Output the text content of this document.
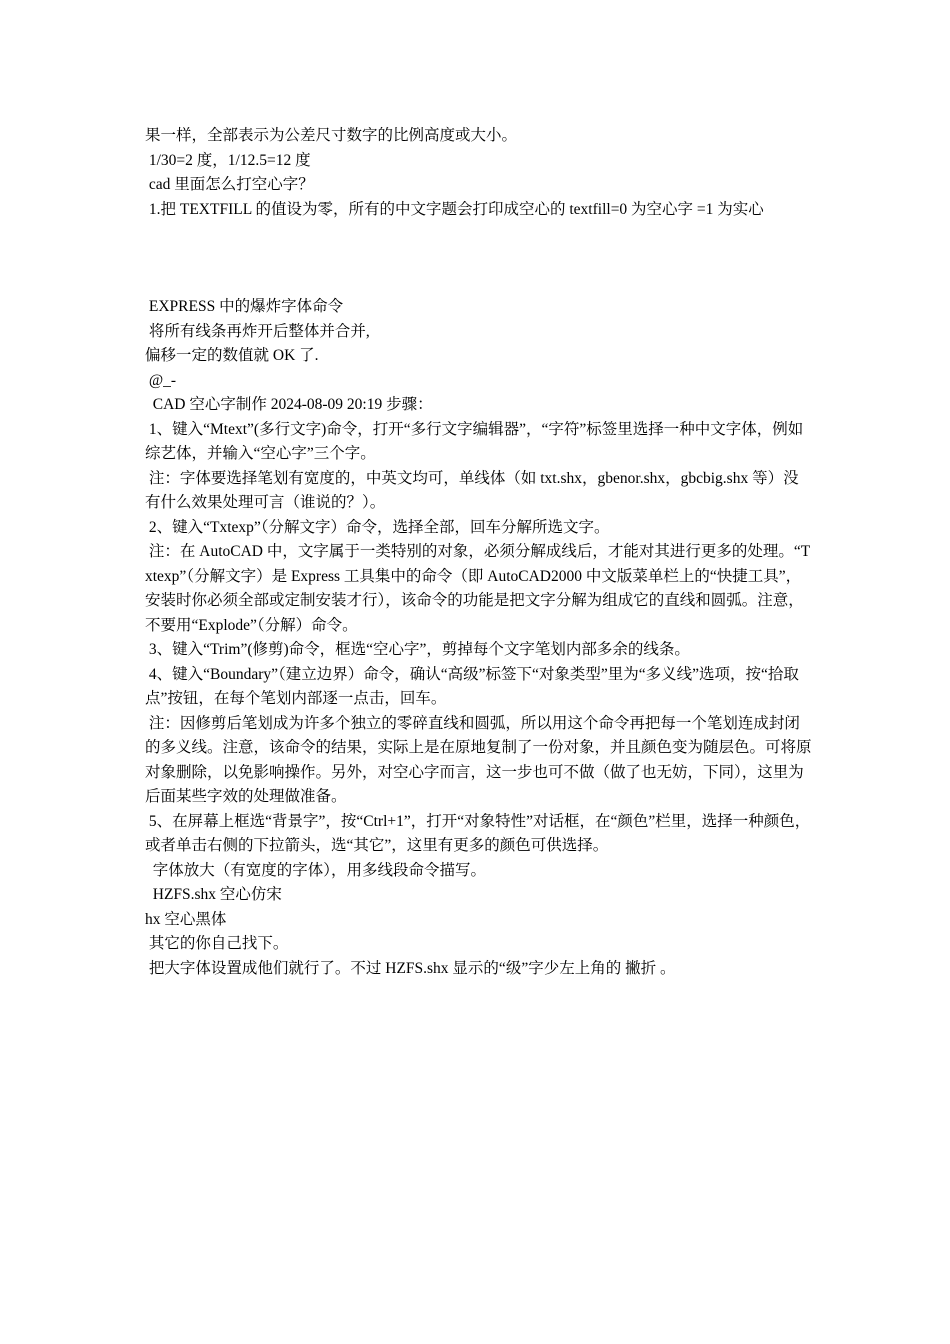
果一样，全部表示为公差尺寸数字的比例高度或大小。

1/30=2 度，1/12.5=12 度

cad 里面怎么打空心字？

1.把 TEXTFILL 的值设为零，所有的中文字题会打印成空心的 textfill=0 为空心字 =1 为实心

EXPRESS 中的爆炸字体命令

将所有线条再炸开后整体并合并,

偏移一定的数值就 OK 了.

@_-

CAD 空心字制作 2024-08-09 20:19 步骤：

1、键入“Mtext”(多行文字)命令，打开“多行文字编辑器”，“字符”标签里选择一种中文字体，例如综艺体，并输入“空心字”三个字。

注：字体要选择笔划有宽度的，中英文均可，单线体（如 txt.shx，gbenor.shx，gbcbig.shx 等）没有什么效果处理可言（谁说的？）。

2、键入“Txtexp”（分解文字）命令，选择全部，回车分解所选文字。

注：在 AutoCAD 中，文字属于一类特别的对象，必须分解成线后，才能对其进行更多的处理。“Txtexp”（分解文字）是 Express 工具集中的命令（即 AutoCAD2000 中文版菜单栏上的“快捷工具”，安装时你必须全部或定制安装才行），该命令的功能是把文字分解为组成它的直线和圆弧。注意，不要用“Explode”（分解）命令。

3、键入“Trim”(修剪)命令，框选“空心字”，剪掉每个文字笔划内部多余的线条。

4、键入“Boundary”（建立边界）命令，确认“高级”标签下“对象类型”里为“多义线”选项，按“拾取点”按钮，在每个笔划内部逐一点击，回车。

注：因修剪后笔划成为许多个独立的零碎直线和圆弧，所以用这个命令再把每一个笔划连成封闭的多义线。注意，该命令的结果，实际上是在原地复制了一份对象，并且颜色变为随层色。可将原对象删除，以免影响操作。另外，对空心字而言，这一步也可不做（做了也无妨，下同），这里为后面某些字效的处理做准备。

5、在屏幕上框选“背景字”，按“Ctrl+1”，打开“对象特性”对话框，在“颜色”栏里，选择一种颜色，或者单击右侧的下拉箭头，选“其它”，这里有更多的颜色可供选择。

字体放大（有宽度的字体），用多线段命令描写。

HZFS.shx 空心仿宋

hx 空心黑体

其它的你自己找下。

把大字体设置成他们就行了。不过 HZFS.shx 显示的“级”字少左上角的 撇折 。
